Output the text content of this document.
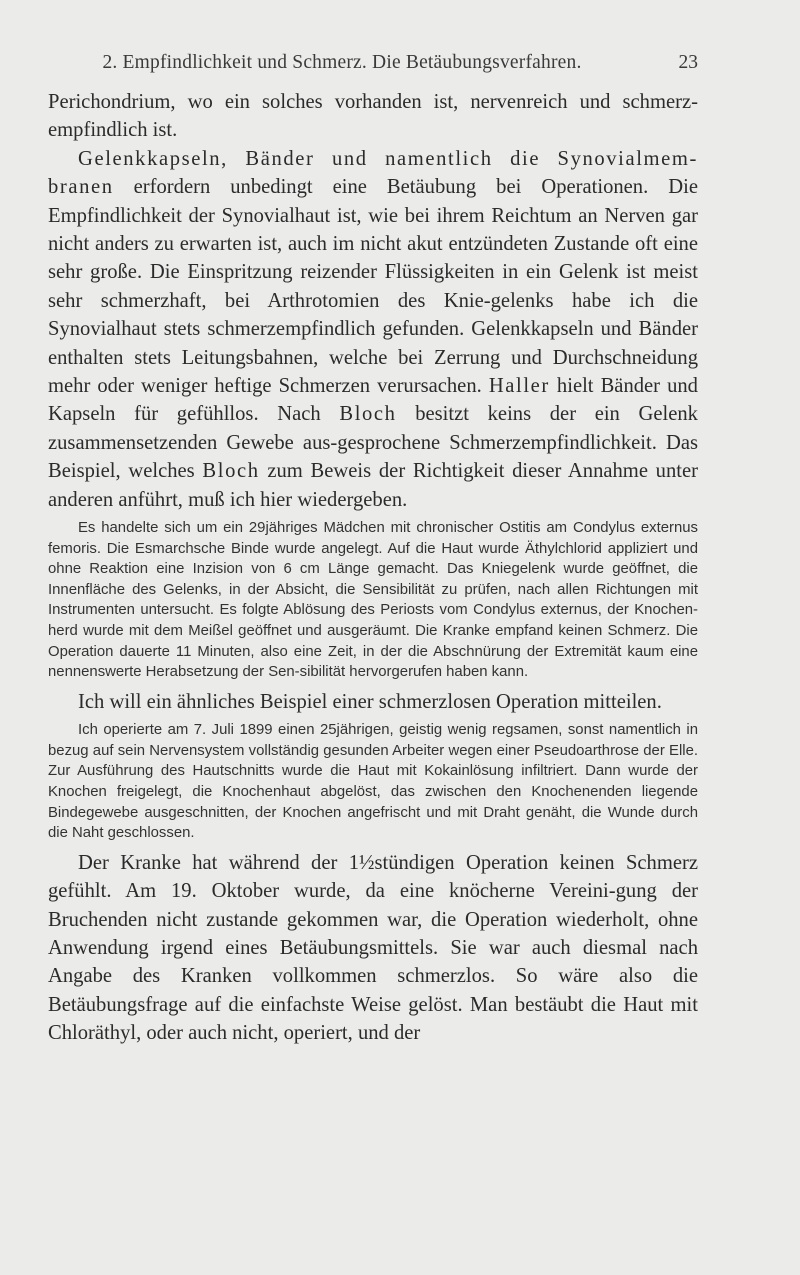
2. Empfindlichkeit und Schmerz. Die Betäubungsverfahren.	23

Perichondrium, wo ein solches vorhanden ist, nervenreich und schmerz-empfindlich ist.

Gelenkkapseln, Bänder und namentlich die Synovialmem-branen erfordern unbedingt eine Betäubung bei Operationen. Die Empfindlichkeit der Synovialhaut ist, wie bei ihrem Reichtum an Nerven gar nicht anders zu erwarten ist, auch im nicht akut entzündeten Zustande oft eine sehr große. Die Einspritzung reizender Flüssigkeiten in ein Gelenk ist meist sehr schmerzhaft, bei Arthrotomien des Knie-gelenks habe ich die Synovialhaut stets schmerzempfindlich gefunden. Gelenkkapseln und Bänder enthalten stets Leitungsbahnen, welche bei Zerrung und Durchschneidung mehr oder weniger heftige Schmerzen verursachen. Haller hielt Bänder und Kapseln für gefühllos. Nach Bloch besitzt keins der ein Gelenk zusammensetzenden Gewebe aus-gesprochene Schmerzempfindlichkeit. Das Beispiel, welches Bloch zum Beweis der Richtigkeit dieser Annahme unter anderen anführt, muß ich hier wiedergeben.

Es handelte sich um ein 29jähriges Mädchen mit chronischer Ostitis am Condylus externus femoris. Die Esmarchsche Binde wurde angelegt. Auf die Haut wurde Äthylchlorid appliziert und ohne Reaktion eine Inzision von 6 cm Länge gemacht. Das Kniegelenk wurde geöffnet, die Innenfläche des Gelenks, in der Absicht, die Sensibilität zu prüfen, nach allen Richtungen mit Instrumenten untersucht. Es folgte Ablösung des Periosts vom Condylus externus, der Knochen-herd wurde mit dem Meißel geöffnet und ausgeräumt. Die Kranke empfand keinen Schmerz. Die Operation dauerte 11 Minuten, also eine Zeit, in der die Abschnürung der Extremität kaum eine nennenswerte Herabsetzung der Sen-sibilität hervorgerufen haben kann.

Ich will ein ähnliches Beispiel einer schmerzlosen Operation mitteilen.

Ich operierte am 7. Juli 1899 einen 25jährigen, geistig wenig regsamen, sonst namentlich in bezug auf sein Nervensystem vollständig gesunden Arbeiter wegen einer Pseudoarthrose der Elle. Zur Ausführung des Hautschnitts wurde die Haut mit Kokainlösung infiltriert. Dann wurde der Knochen freigelegt, die Knochenhaut abgelöst, das zwischen den Knochenenden liegende Bindegewebe ausgeschnitten, der Knochen angefrischt und mit Draht genäht, die Wunde durch die Naht geschlossen.

Der Kranke hat während der 1½stündigen Operation keinen Schmerz gefühlt. Am 19. Oktober wurde, da eine knöcherne Vereini-gung der Bruchenden nicht zustande gekommen war, die Operation wiederholt, ohne Anwendung irgend eines Betäubungsmittels. Sie war auch diesmal nach Angabe des Kranken vollkommen schmerzlos. So wäre also die Betäubungsfrage auf die einfachste Weise gelöst. Man bestäubt die Haut mit Chloräthyl, oder auch nicht, operiert, und der
